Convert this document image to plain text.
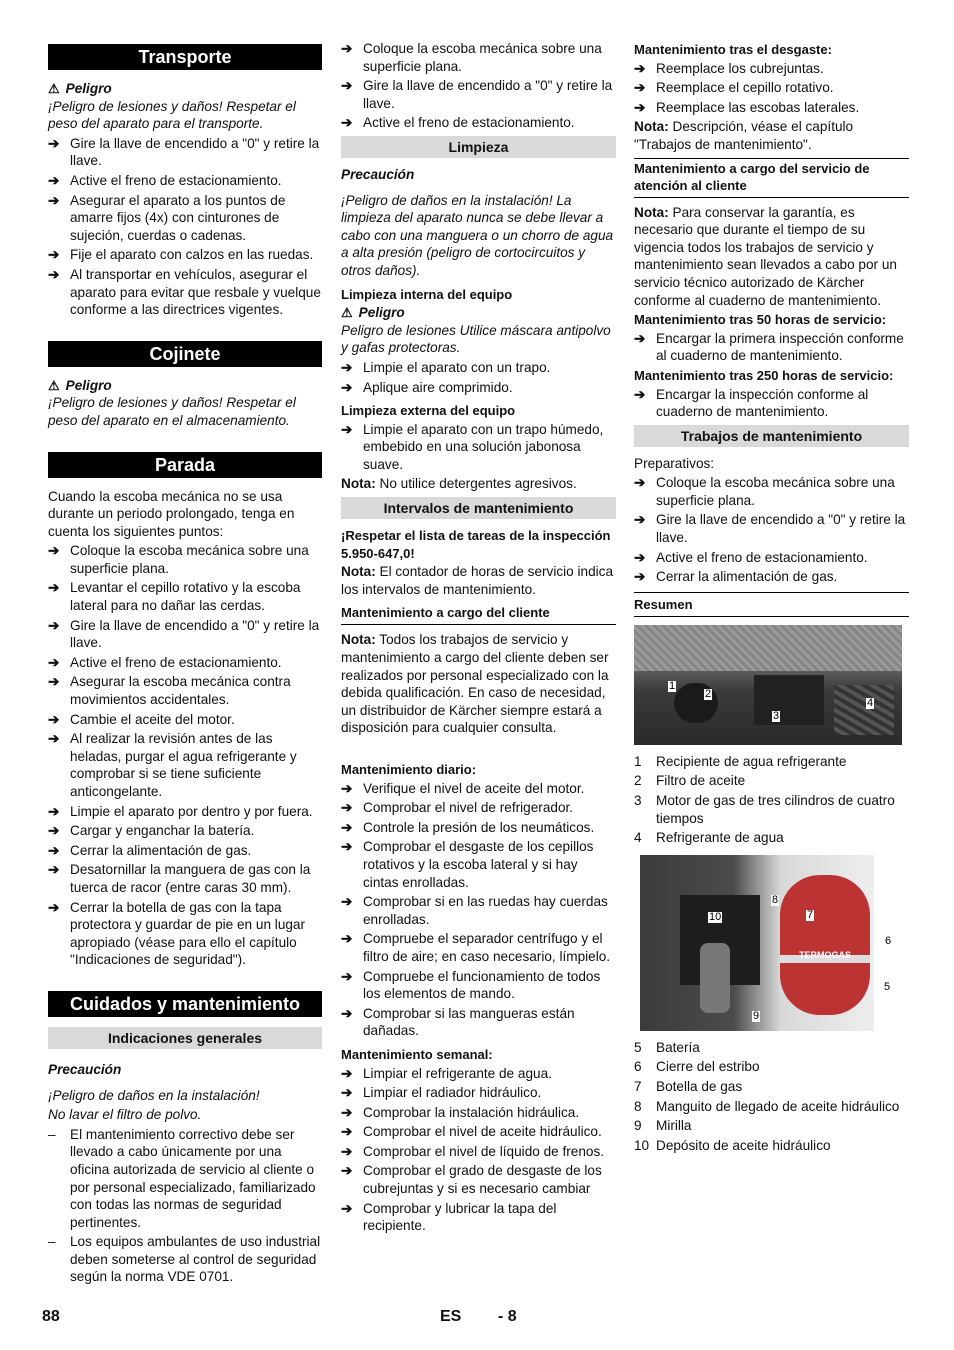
Transporte
⚠ Peligro

¡Peligro de lesiones y daños! Respetar el peso del aparato para el transporte.

➔ Gire la llave de encendido a "0" y retire la llave.
➔ Active el freno de estacionamiento.
➔ Asegurar el aparato a los puntos de amarre fijos (4x) con cinturones de sujeción, cuerdas o cadenas.
➔ Fije el aparato con calzos en las ruedas.
➔ Al transportar en vehículos, asegurar el aparato para evitar que resbale y vuelque conforme a las directrices vigentes.
Cojinete
⚠ Peligro

¡Peligro de lesiones y daños! Respetar el peso del aparato en el almacenamiento.

Parada

Cuando la escoba mecánica no se usa durante un periodo prolongado, tenga en cuenta los siguientes puntos:

➔ Coloque la escoba mecánica sobre una superficie plana.
➔ Levantar el cepillo rotativo y la escoba lateral para no dañar las cerdas.
➔ Gire la llave de encendido a "0" y retire la llave.
➔ Active el freno de estacionamiento.
➔ Asegurar la escoba mecánica contra movimientos accidentales.
➔ Cambie el aceite del motor.
➔ Al realizar la revisión antes de las heladas, purgar el agua refrigerante y comprobar si se tiene suficiente anticongelante.
➔ Limpie el aparato por dentro y por fuera.
➔ Cargar y enganchar la batería.
➔ Cerrar la alimentación de gas.
➔ Desatornillar la manguera de gas con la tuerca de racor (entre caras 30 mm).
➔ Cerrar la botella de gas con la tapa protectora y guardar de pie en un lugar apropiado (véase para ello el capítulo "Indicaciones de seguridad").
Cuidados y mantenimiento
Indicaciones generales
Precaución

¡Peligro de daños en la instalación!

No lavar el filtro de polvo.

–	El mantenimiento correctivo debe ser llevado a cabo únicamente por una oficina autorizada de servicio al cliente o por personal especializado, familiarizado con todas las normas de seguridad pertinentes.
–	Los equipos ambulantes de uso industrial deben someterse al control de seguridad según la norma VDE 0701.
➔ Coloque la escoba mecánica sobre una superficie plana.
➔ Gire la llave de encendido a "0" y retire la llave.
➔ Active el freno de estacionamiento.
Limpieza
Precaución

¡Peligro de daños en la instalación! La limpieza del aparato nunca se debe llevar a cabo con una manguera o un chorro de agua a alta presión (peligro de cortocircuitos y otros daños).

Limpieza interna del equipo
⚠ Peligro

Peligro de lesiones Utilice máscara antipolvo y gafas protectoras.

➔ Limpie el aparato con un trapo.
➔ Aplique aire comprimido.
Limpieza externa del equipo
➔ Limpie el aparato con un trapo húmedo, embebido en una solución jabonosa suave.

Nota: No utilice detergentes agresivos.

Intervalos de mantenimiento

¡Respetar el lista de tareas de la inspección 5.950-647,0!

Nota: El contador de horas de servicio indica los intervalos de mantenimiento.

Mantenimiento a cargo del cliente

Nota: Todos los trabajos de servicio y mantenimiento a cargo del cliente deben ser realizados por personal especializado con la debida qualificación. En caso de necesidad, un distribuidor de Kärcher siempre estará a disposición para cualquier consulta.

Mantenimiento diario:
➔ Verifique el nivel de aceite del motor.
➔ Comprobar el nivel de refrigerador.
➔ Controle la presión de los neumáticos.
➔ Comprobar el desgaste de los cepillos rotativos y la escoba lateral y si hay cintas enrolladas.
➔ Comprobar si en las ruedas hay cuerdas enrolladas.
➔ Compruebe el separador centrífugo y el filtro de aire; en caso necesario, límpielo.
➔ Compruebe el funcionamiento de todos los elementos de mando.
➔ Comprobar si las mangueras están dañadas.
Mantenimiento semanal:
➔ Limpiar el refrigerante de agua.
➔ Limpiar el radiador hidráulico.
➔ Comprobar la instalación hidráulica.
➔ Comprobar el nivel de aceite hidráulico.
➔ Comprobar el nivel de líquido de frenos.
➔ Comprobar el grado de desgaste de los cubrejuntas y si es necesario cambiar
➔ Comprobar y lubricar la tapa del recipiente.
Mantenimiento tras el desgaste:
➔ Reemplace los cubrejuntas.
➔ Reemplace el cepillo rotativo.
➔ Reemplace las escobas laterales.

Nota: Descripción, véase el capítulo "Trabajos de mantenimiento".

Mantenimiento a cargo del servicio de atención al cliente

Nota: Para conservar la garantía, es necesario que durante el tiempo de su vigencia todos los trabajos de servicio y mantenimiento sean llevados a cabo por un servicio técnico autorizado de Kärcher conforme al cuaderno de mantenimiento.

Mantenimiento tras 50 horas de servicio:
➔ Encargar la primera inspección conforme al cuaderno de mantenimiento.
Mantenimiento tras 250 horas de servicio:
➔ Encargar la inspección conforme al cuaderno de mantenimiento.
Trabajos de mantenimiento

Preparativos:

➔ Coloque la escoba mecánica sobre una superficie plana.
➔ Gire la llave de encendido a "0" y retire la llave.
➔ Active el freno de estacionamiento.
➔ Cerrar la alimentación de gas.
Resumen
1
2
3
4
1	Recipiente de agua refrigerante
2	Filtro de aceite
3	Motor de gas de tres cilindros de cuatro tiempos
4	Refrigerante de agua
TERMOGAS
8
7
10
9
6
5
5	Batería
6	Cierre del estribo
7	Botella de gas
8	Manguito de llegado de aceite hidráulico
9	Mirilla
10 Depósito de aceite hidráulico
88	ES - 8
